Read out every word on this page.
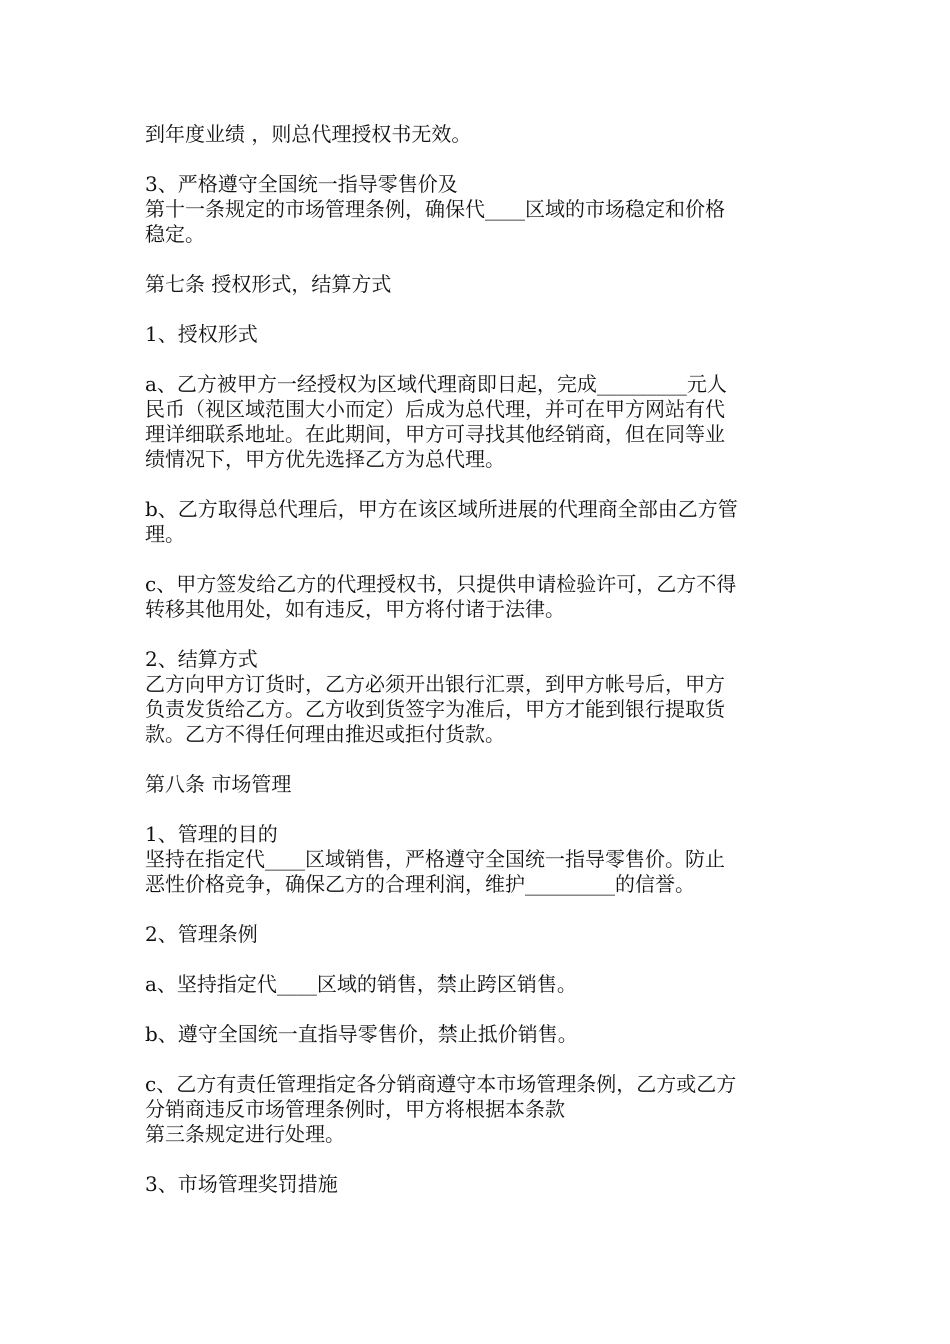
到年度业绩 ，则总代理授权书无效。
3、严格遵守全国统一指导零售价及
第十一条规定的市场管理条例，确保代____区域的市场稳定和价格
稳定。
第七条 授权形式，结算方式
1、授权形式
a、乙方被甲方一经授权为区域代理商即日起，完成_________元人
民币（视区域范围大小而定）后成为总代理，并可在甲方网站有代
理详细联系地址。在此期间，甲方可寻找其他经销商，但在同等业
绩情况下，甲方优先选择乙方为总代理。
b、乙方取得总代理后，甲方在该区域所进展的代理商全部由乙方管
理。
c、甲方签发给乙方的代理授权书，只提供申请检验许可，乙方不得
转移其他用处，如有违反，甲方将付诸于法律。
2、结算方式
乙方向甲方订货时，乙方必须开出银行汇票，到甲方帐号后，甲方
负责发货给乙方。乙方收到货签字为准后，甲方才能到银行提取货
款。乙方不得任何理由推迟或拒付货款。
第八条 市场管理
1、管理的目的
坚持在指定代____区域销售，严格遵守全国统一指导零售价。防止
恶性价格竞争，确保乙方的合理利润，维护_________的信誉。
2、管理条例
a、坚持指定代____区域的销售，禁止跨区销售。
b、遵守全国统一直指导零售价，禁止抵价销售。
c、乙方有责任管理指定各分销商遵守本市场管理条例，乙方或乙方
分销商违反市场管理条例时，甲方将根据本条款
第三条规定进行处理。
3、市场管理奖罚措施
